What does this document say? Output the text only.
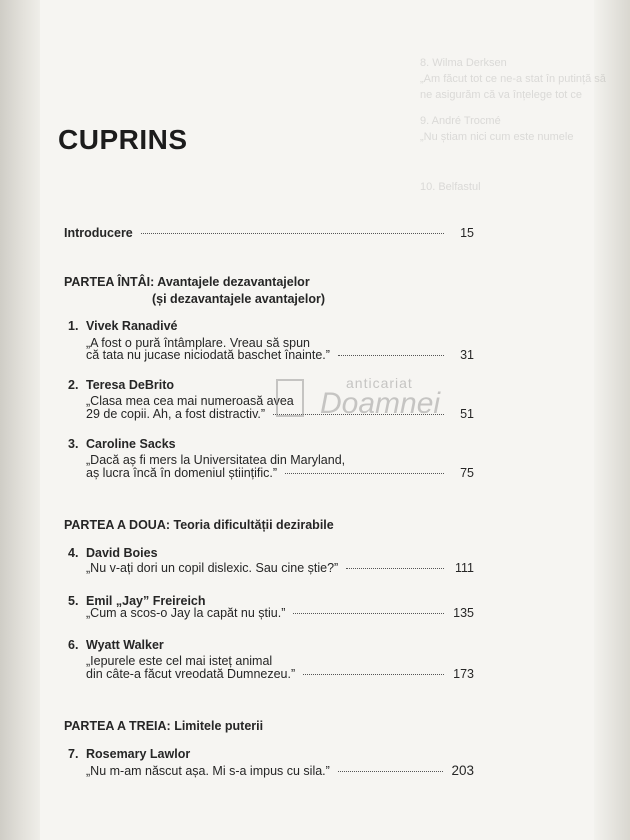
8. Wilma Derksen
„Am făcut tot ce ne-a stat în putință să
ne asigurăm că va înțelege tot ce
9. André Trocmé
„Nu știam nici cum este numele
10. Belfastul
CUPRINS
Introducere	15
PARTEA ÎNTÂI: Avantajele dezavantajelor
(și dezavantajele avantajelor)
1. Vivek Ranadivé
„A fost o pură întâmplare. Vreau să spun
că tata nu jucase niciodată baschet înainte.”	31
2. Teresa DeBrito
„Clasa mea cea mai numeroasă avea
29 de copii. Ah, a fost distractiv.”	51
3. Caroline Sacks
„Dacă aș fi mers la Universitatea din Maryland,
aș lucra încă în domeniul științific.”	75
PARTEA A DOUA: Teoria dificultății dezirabile
4. David Boies
„Nu v-ați dori un copil dislexic. Sau cine știe?”	111
5. Emil „Jay” Freireich
„Cum a scos-o Jay la capăt nu știu.”	135
6. Wyatt Walker
„Iepurele este cel mai isteț animal
din câte-a făcut vreodată Dumnezeu.”	173
PARTEA A TREIA: Limitele puterii
7. Rosemary Lawlor
„Nu m-am născut așa. Mi s-a impus cu sila.”	203
anticariat
Doamnei
